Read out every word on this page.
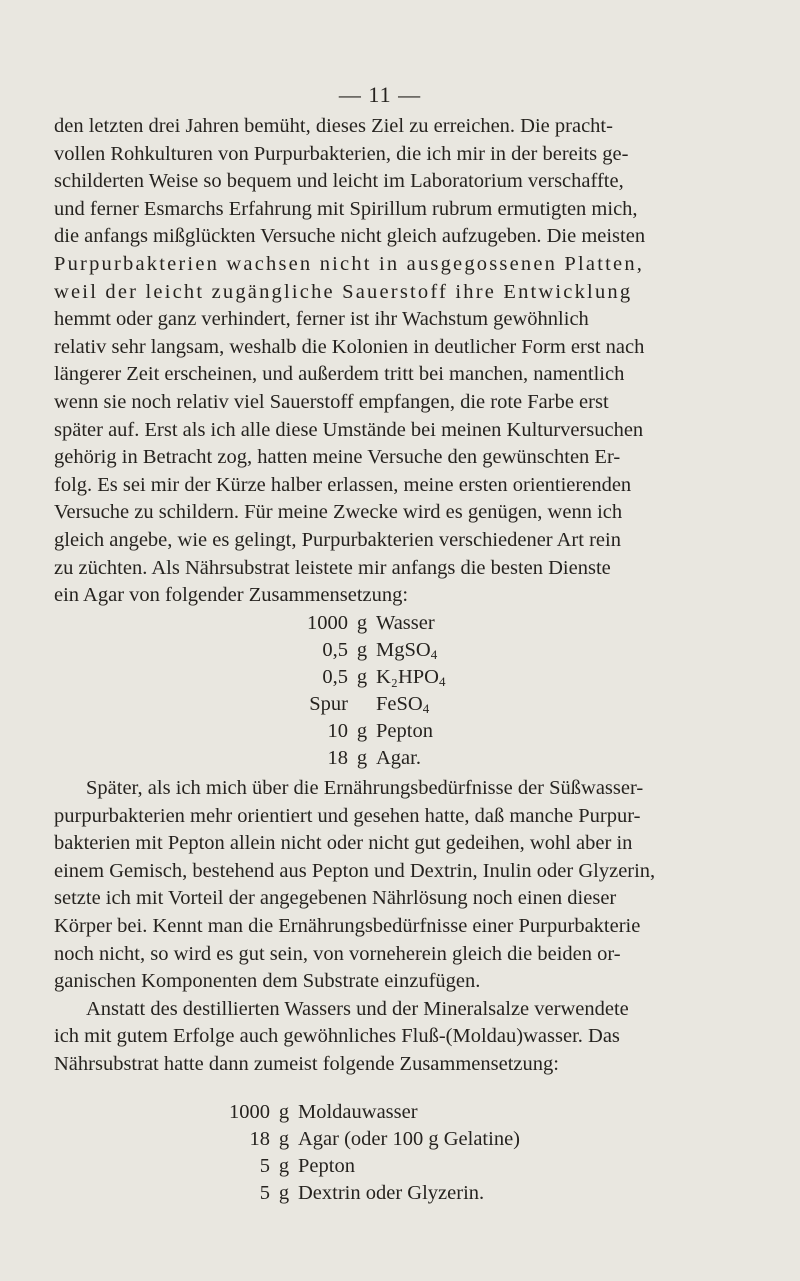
— 11 —
den letzten drei Jahren bemüht, dieses Ziel zu erreichen. Die pracht-
vollen Rohkulturen von Purpurbakterien, die ich mir in der bereits ge-
schilderten Weise so bequem und leicht im Laboratorium verschaffte,
und ferner Esmarchs Erfahrung mit Spirillum rubrum ermutigten mich,
die anfangs mißglückten Versuche nicht gleich aufzugeben. Die meisten
Purpurbakterien wachsen nicht in ausgegossenen Platten,
weil der leicht zugängliche Sauerstoff ihre Entwicklung
hemmt oder ganz verhindert, ferner ist ihr Wachstum gewöhnlich
relativ sehr langsam, weshalb die Kolonien in deutlicher Form erst nach
längerer Zeit erscheinen, und außerdem tritt bei manchen, namentlich
wenn sie noch relativ viel Sauerstoff empfangen, die rote Farbe erst
später auf. Erst als ich alle diese Umstände bei meinen Kulturversuchen
gehörig in Betracht zog, hatten meine Versuche den gewünschten Er-
folg. Es sei mir der Kürze halber erlassen, meine ersten orientierenden
Versuche zu schildern. Für meine Zwecke wird es genügen, wenn ich
gleich angebe, wie es gelingt, Purpurbakterien verschiedener Art rein
zu züchten. Als Nährsubstrat leistete mir anfangs die besten Dienste
ein Agar von folgender Zusammensetzung:
1000 g Wasser
0,5 g MgSO$_4$
0,5 g $K_2HPO_4$
Spur FeSO$_4$
10 g Pepton
18 g Agar.
Später, als ich mich über die Ernährungsbedürfnisse der Süßwasser-
purpurbakterien mehr orientiert und gesehen hatte, daß manche Purpur-
bakterien mit Pepton allein nicht oder nicht gut gedeihen, wohl aber in
einem Gemisch, bestehend aus Pepton und Dextrin, Inulin oder Glyzerin,
setzte ich mit Vorteil der angegebenen Nährlösung noch einen dieser
Körper bei. Kennt man die Ernährungsbedürfnisse einer Purpurbakterie
noch nicht, so wird es gut sein, von vorneherein gleich die beiden or-
ganischen Komponenten dem Substrate einzufügen.
Anstatt des destillierten Wassers und der Mineralsalze verwendete
ich mit gutem Erfolge auch gewöhnliches Fluß-(Moldau)wasser. Das
Nährsubstrat hatte dann zumeist folgende Zusammensetzung:
1000 g Moldauwasser
18 g Agar (oder 100 g Gelatine)
5 g Pepton
5 g Dextrin oder Glyzerin.
